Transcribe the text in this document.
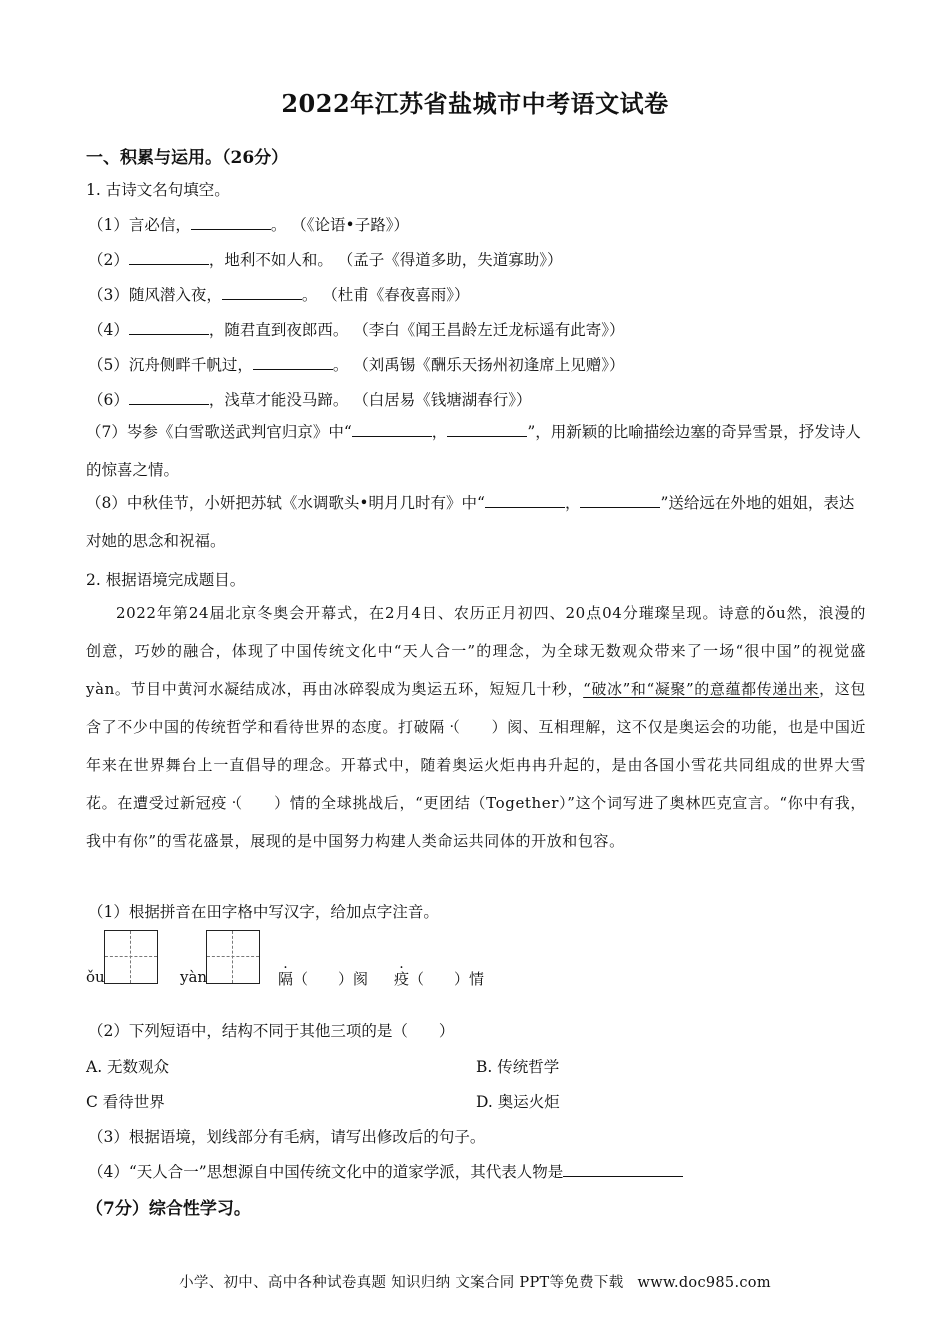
2022年江苏省盐城市中考语文试卷
一、积累与运用。（26分）
1. 古诗文名句填空。
（1）言必信，	。 （《论语•子路》）
（2）	，地利不如人和。 （孟子《得道多助，失道寡助》）
（3）随风潜入夜，	。 （杜甫《春夜喜雨》）
（4）	，随君直到夜郎西。 （李白《闻王昌龄左迁龙标遥有此寄》）
（5）沉舟侧畔千帆过，	。 （刘禹锡《酬乐天扬州初逢席上见赠》）
（6）	，浅草才能没马蹄。 （白居易《钱塘湖春行》）
（7）岑参《白雪歌送武判官归京》中“	，	”，用新颖的比喻描绘边塞的奇异雪景，抒发诗人的惊喜之情。
（8）中秋佳节，小妍把苏轼《水调歌头•明月几时有》中“	，	”送给远在外地的姐姐，表达对她的思念和祝福。
2. 根据语境完成题目。
2022年第24届北京冬奥会开幕式，在2月4日、农历正月初四、20点04分璀璨呈现。诗意的ǒu然，浪漫的创意，巧妙的融合，体现了中国传统文化中“天人合一”的理念，为全球无数观众带来了一场“很中国”的视觉盛yàn。节目中黄河水凝结成冰，再由冰碎裂成为奥运五环，短短几十秒，“破冰”和“凝聚”的意蕴都传递出来，这包含了不少中国的传统哲学和看待世界的态度。打破隔 .（　　）阂、互相理解，这不仅是奥运会的功能，也是中国近年来在世界舞台上一直倡导的理念。开幕式中，随着奥运火炬冉冉升起的，是由各国小雪花共同组成的世界大雪花。在遭受过新冠疫 .（　　）情的全球挑战后，“更团结（Together）”这个词写进了奥林匹克宣言。“你中有我，我中有你”的雪花盛景，展现的是中国努力构建人类命运共同体的开放和包容。
（1）根据拼音在田字格中写汉字，给加点字注音。
ǒu	yàn	隔（　　）阂 疫（　　）情
（2）下列短语中，结构不同于其他三项的是（　　）
A. 无数观众	B. 传统哲学
C 看待世界	D. 奥运火炬
（3）根据语境，划线部分有毛病，请写出修改后的句子。
（4）“天人合一”思想源自中国传统文化中的道家学派，其代表人物是
（7分）综合性学习。
小学、初中、高中各种试卷真题 知识归纳 文案合同 PPT等免费下载 www.doc985.com
